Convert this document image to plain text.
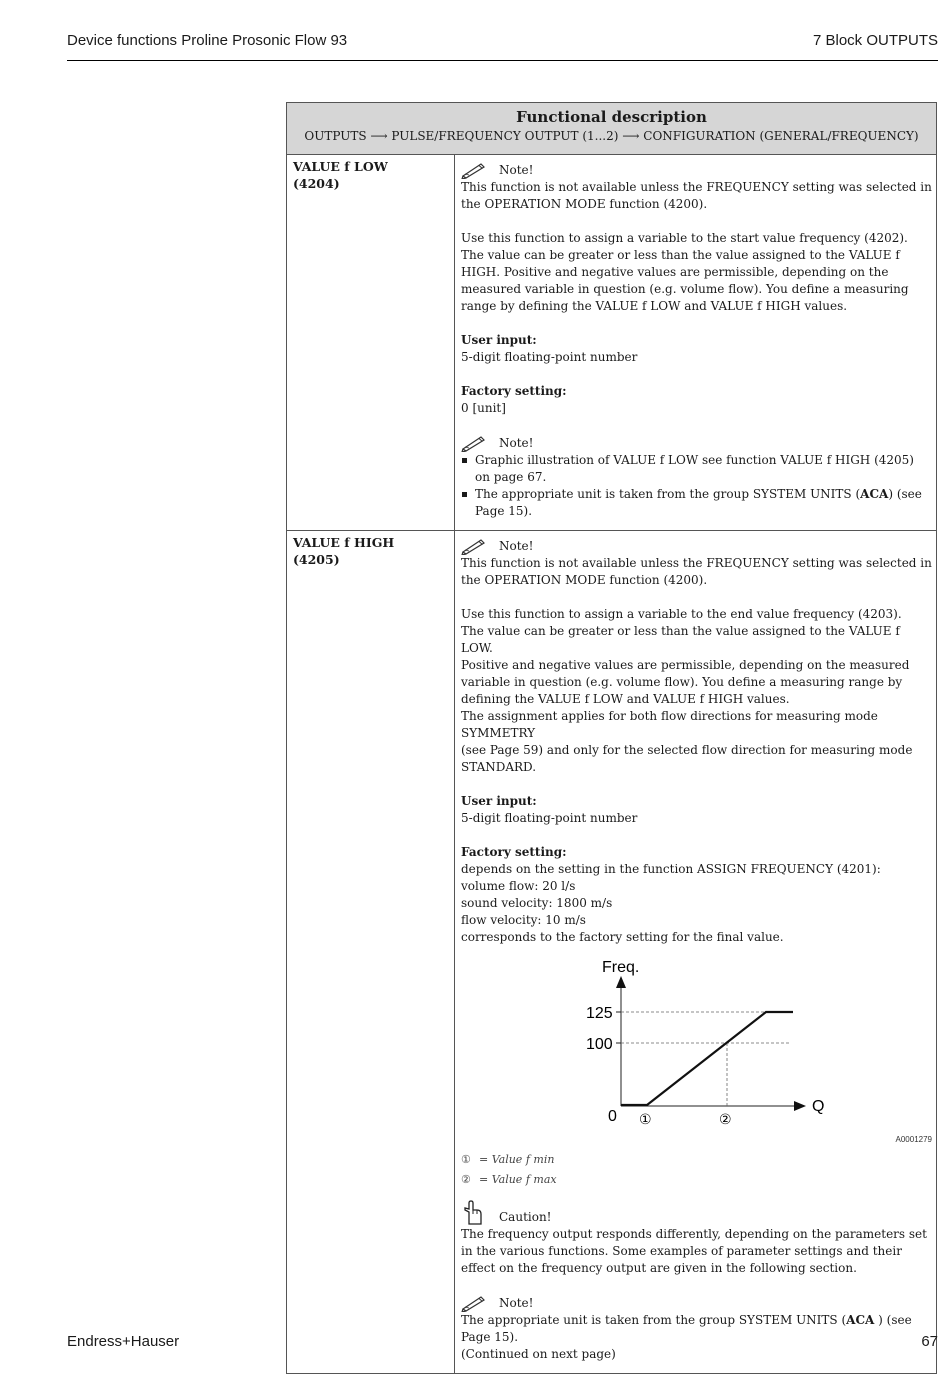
Device functions Proline Prosonic Flow 93	7 Block OUTPUTS
Functional description
OUTPUTS ⟶ PULSE/FREQUENCY OUTPUT (1...2) ⟶ CONFIGURATION (GENERAL/FREQUENCY)
VALUE f LOW
(4204)
Note!

This function is not available unless the FREQUENCY setting was selected in the OPERATION MODE function (4200).

Use this function to assign a variable to the start value frequency (4202). The value can be greater or less than the value assigned to the VALUE f HIGH. Positive and negative values are permissible, depending on the measured variable in question (e.g. volume flow). You define a measuring range by defining the VALUE f LOW and VALUE f HIGH values.

User input:

5-digit floating-point number

Factory setting:

0 [unit]

Note!
Graphic illustration of VALUE f LOW see function VALUE f HIGH (4205) on page 67.
The appropriate unit is taken from the group SYSTEM UNITS (ACA) (see Page 15).
VALUE f HIGH
(4205)
Note!

This function is not available unless the FREQUENCY setting was selected in the OPERATION MODE function (4200).

Use this function to assign a variable to the end value frequency (4203).

The value can be greater or less than the value assigned to the VALUE f LOW.

Positive and negative values are permissible, depending on the measured

variable in question (e.g. volume flow). You define a measuring range by defining the VALUE f LOW and VALUE f HIGH values.

The assignment applies for both flow directions for measuring mode SYMMETRY

(see Page 59) and only for the selected flow direction for measuring mode STANDARD.

User input:

5-digit floating-point number

Factory setting:

depends on the setting in the function ASSIGN FREQUENCY (4201):

volume flow: 20 l/s

sound velocity: 1800 m/s

flow velocity: 10 m/s

corresponds to the factory setting for the final value.

Freq.
125
100
0
Q
①	②
A0001279
① = Value f min
② = Value f max
Caution!

The frequency output responds differently, depending on the parameters set in the various functions. Some examples of parameter settings and their effect on the frequency output are given in the following section.

Note!

The appropriate unit is taken from the group SYSTEM UNITS (ACA ) (see Page 15).

(Continued on next page)

Endress+Hauser	67
